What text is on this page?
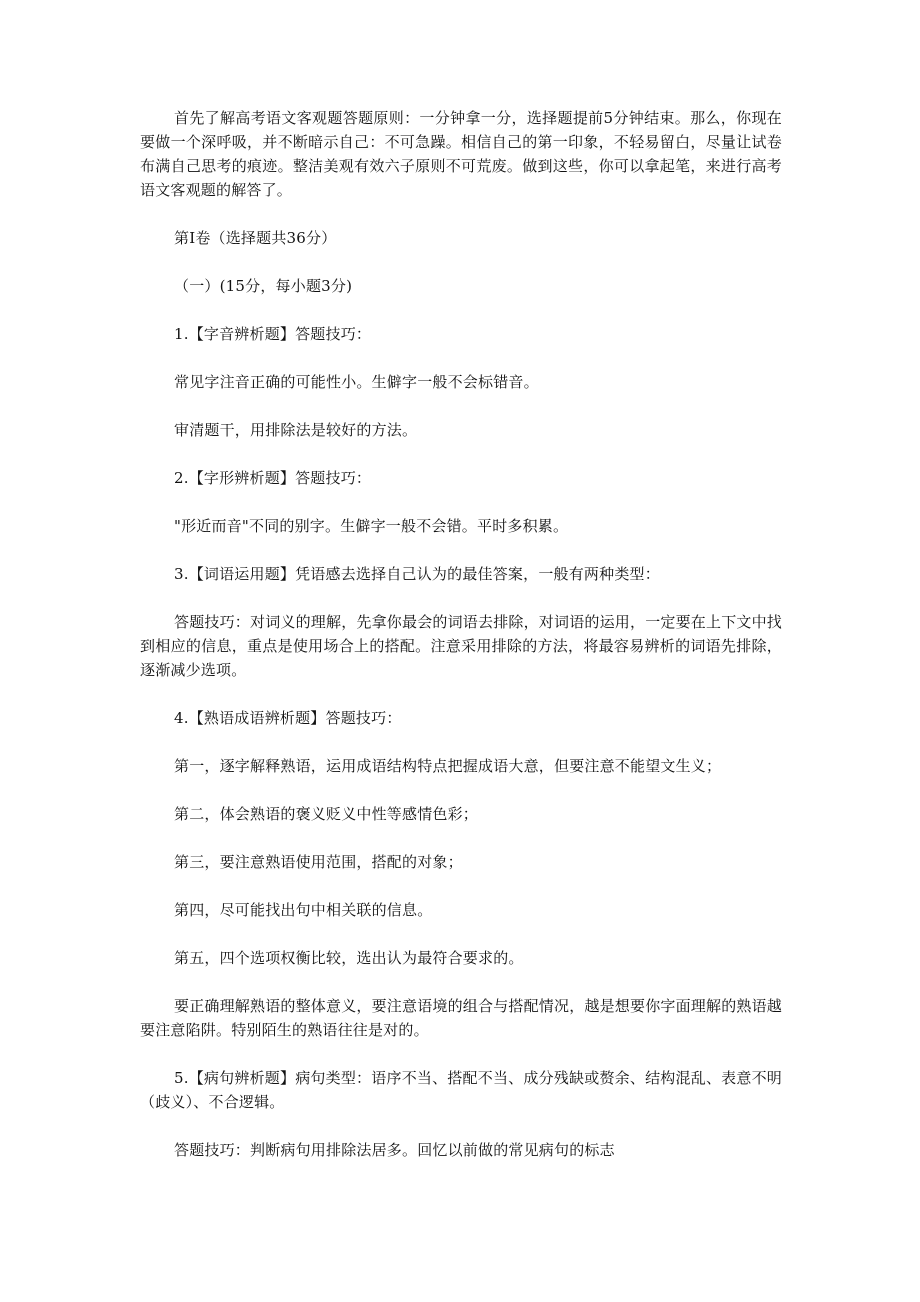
首先了解高考语文客观题答题原则：一分钟拿一分，选择题提前5分钟结束。那么，你现在要做一个深呼吸，并不断暗示自己：不可急躁。相信自己的第一印象，不轻易留白，尽量让试卷布满自己思考的痕迹。整洁美观有效六子原则不可荒废。做到这些，你可以拿起笔，来进行高考语文客观题的解答了。

第Ⅰ卷（选择题共36分）

（一）(15分，每小题3分)

1.【字音辨析题】答题技巧：

常见字注音正确的可能性小。生僻字一般不会标错音。

审清题干，用排除法是较好的方法。

2.【字形辨析题】答题技巧：

"形近而音"不同的别字。生僻字一般不会错。平时多积累。

3.【词语运用题】凭语感去选择自己认为的最佳答案，一般有两种类型：

答题技巧：对词义的理解，先拿你最会的词语去排除，对词语的运用，一定要在上下文中找到相应的信息，重点是使用场合上的搭配。注意采用排除的方法，将最容易辨析的词语先排除，逐渐减少选项。

4.【熟语成语辨析题】答题技巧：

第一，逐字解释熟语，运用成语结构特点把握成语大意，但要注意不能望文生义；

第二，体会熟语的褒义贬义中性等感情色彩；

第三，要注意熟语使用范围，搭配的对象；

第四，尽可能找出句中相关联的信息。

第五，四个选项权衡比较，选出认为最符合要求的。

要正确理解熟语的整体意义，要注意语境的组合与搭配情况，越是想要你字面理解的熟语越要注意陷阱。特别陌生的熟语往往是对的。

5.【病句辨析题】病句类型：语序不当、搭配不当、成分残缺或赘余、结构混乱、表意不明（歧义）、不合逻辑。

答题技巧：判断病句用排除法居多。回忆以前做的常见病句的标志
